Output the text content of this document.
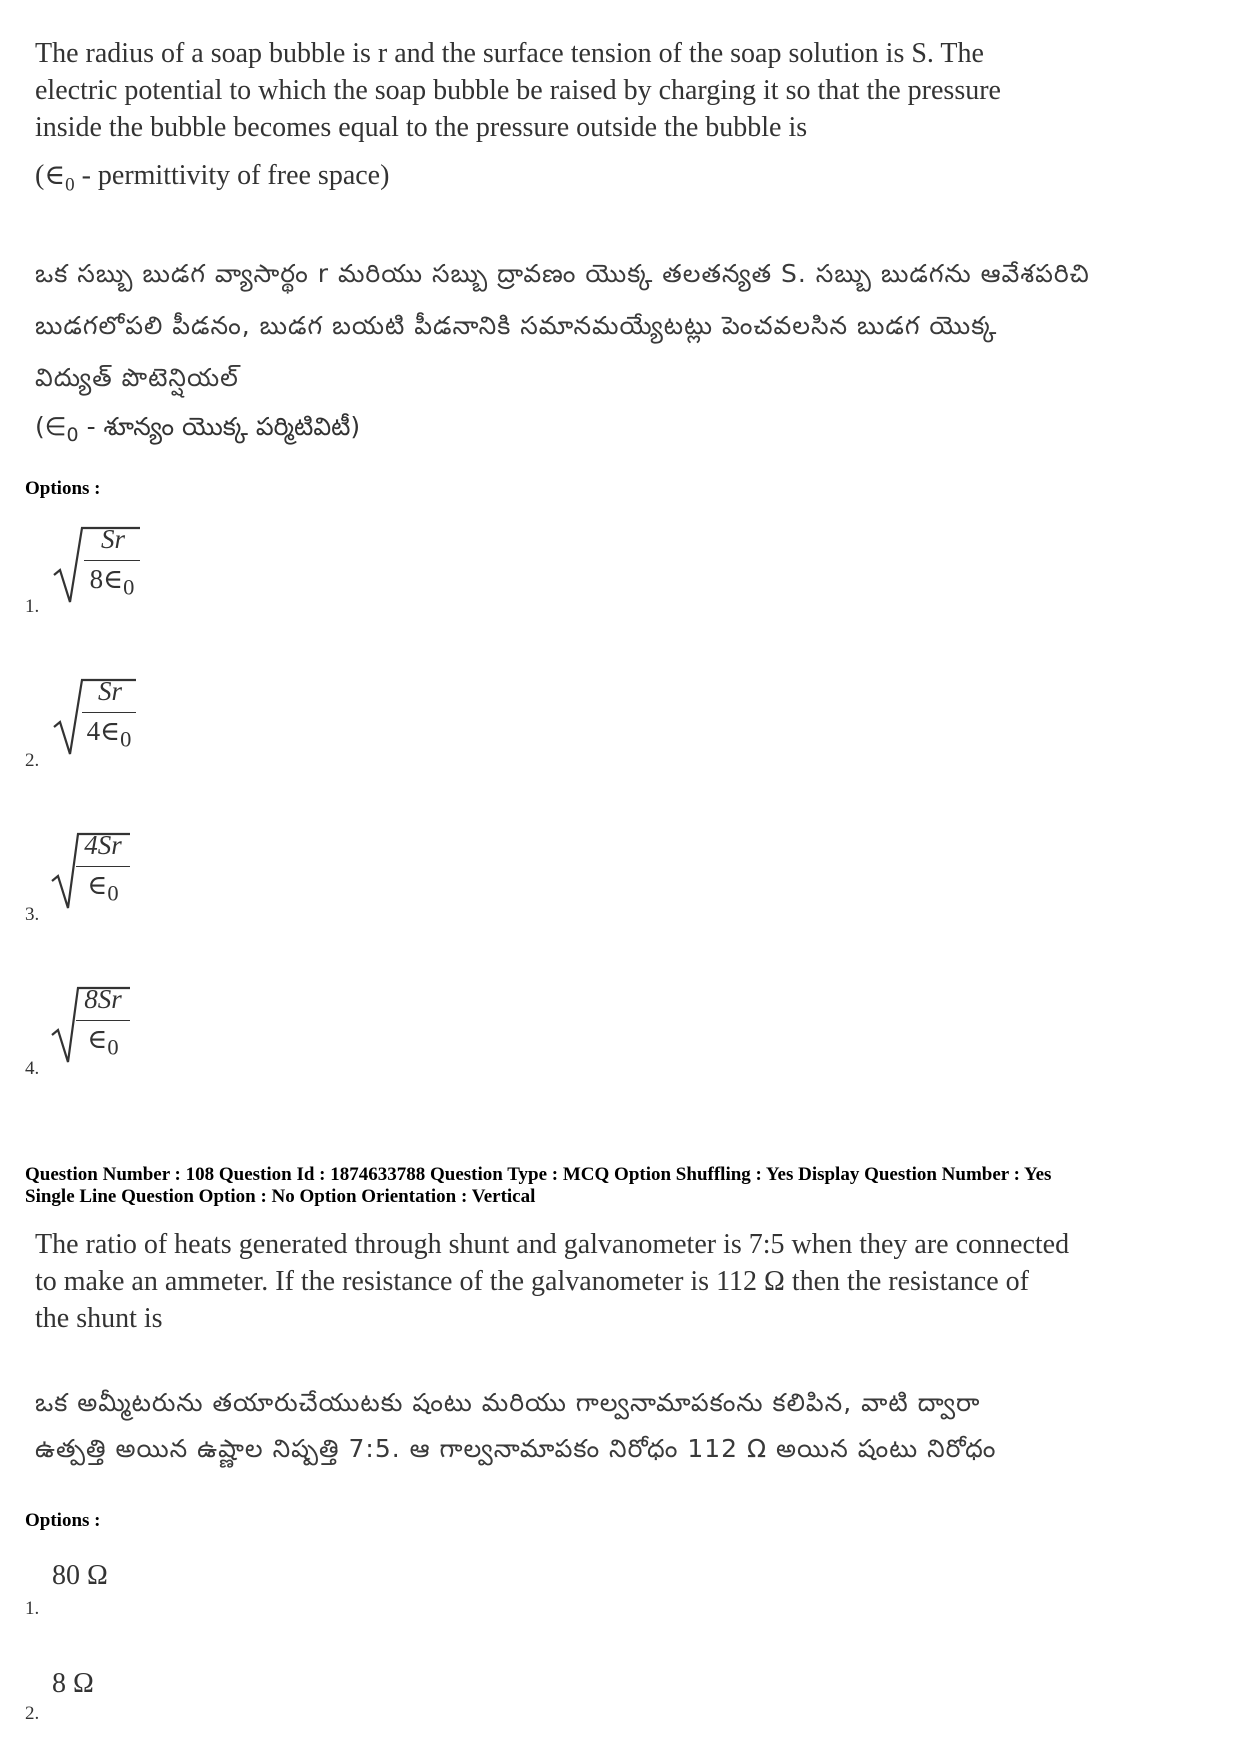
The radius of a soap bubble is r and the surface tension of the soap solution is S. The
electric potential to which the soap bubble be raised by charging it so that the pressure
inside the bubble becomes equal to the pressure outside the bubble is
($\in_0$ - permittivity of free space)
ఒక సబ్బు బుడగ వ్యాసార్థం r మరియు సబ్బు ద్రావణం యొక్క తలతన్యత S. సబ్బు బుడగను ఆవేశపరిచి
బుడగలోపలి పీడనం, బుడగ బయటి పీడనానికి సమానమయ్యేటట్లు పెంచవలసిన బుడగ యొక్క
విద్యుత్ పొటెన్షియల్
($\in_0$ - శూన్యం యొక్క పర్మిటివిటీ)
Options :
1.
Sr
$8\in_0$
2.
Sr
$4\in_0$
3.
4Sr
$\in_0$
4.
8Sr
$\in_0$
Question Number : 108 Question Id : 1874633788 Question Type : MCQ Option Shuffling : Yes Display Question Number : Yes
Single Line Question Option : No Option Orientation : Vertical
The ratio of heats generated through shunt and galvanometer is 7:5 when they are connected
to make an ammeter. If the resistance of the galvanometer is 112 Ω then the resistance of
the shunt is
ఒక అమ్మీటరును తయారుచేయుటకు షంటు మరియు గాల్వనామాపకంను కలిపిన, వాటి ద్వారా
ఉత్పత్తి అయిన ఉష్ణాల నిష్పత్తి 7:5. ఆ గాల్వనామాపకం నిరోధం 112 Ω అయిన షంటు నిరోధం
Options :
1.
80 Ω
2.
8 Ω
